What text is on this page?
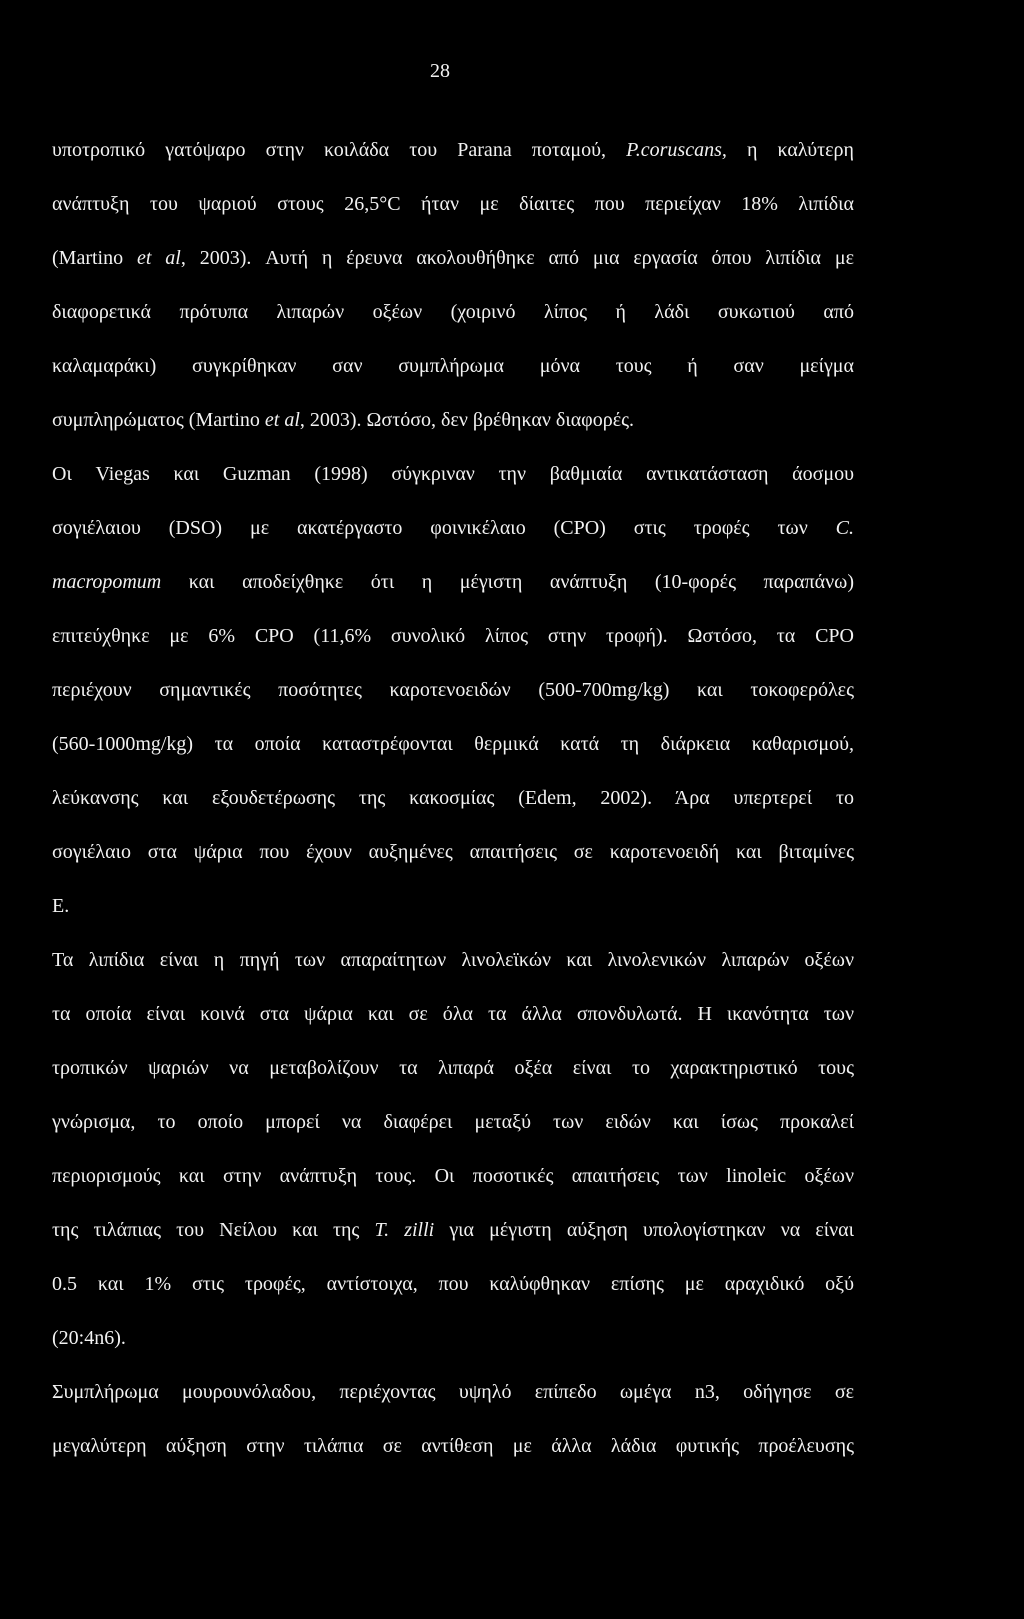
28
υποτροπικό γατόψαρο στην κοιλάδα του Parana ποταμού, P.coruscans, η καλύτερη
ανάπτυξη του ψαριού στους 26,5°C ήταν με δίαιτες που περιείχαν 18% λιπίδια
(Martino et al, 2003). Αυτή η έρευνα ακολουθήθηκε από μια εργασία όπου λιπίδια με
διαφορετικά πρότυπα λιπαρών οξέων (χοιρινό λίπος ή λάδι συκωτιού από
καλαμαράκι) συγκρίθηκαν σαν συμπλήρωμα μόνα τους ή σαν μείγμα
συμπληρώματος (Martino et al, 2003). Ωστόσο, δεν βρέθηκαν διαφορές.
Οι Viegas και Guzman (1998) σύγκριναν την βαθμιαία αντικατάσταση άοσμου
σογιέλαιου (DSO) με ακατέργαστο φοινικέλαιο (CPO) στις τροφές των C.
macropomum και αποδείχθηκε ότι η μέγιστη ανάπτυξη (10-φορές παραπάνω)
επιτεύχθηκε με 6% CPO (11,6% συνολικό λίπος στην τροφή). Ωστόσο, τα CPO
περιέχουν σημαντικές ποσότητες καροτενοειδών (500-700mg/kg) και τοκοφερόλες
(560-1000mg/kg) τα οποία καταστρέφονται θερμικά κατά τη διάρκεια καθαρισμού,
λεύκανσης και εξουδετέρωσης της κακοσμίας (Edem, 2002). Άρα υπερτερεί το
σογιέλαιο στα ψάρια που έχουν αυξημένες απαιτήσεις σε καροτενοειδή και βιταμίνες
Ε.
Τα λιπίδια είναι η πηγή των απαραίτητων λινολεϊκών και λινολενικών λιπαρών οξέων
τα οποία είναι κοινά στα ψάρια και σε όλα τα άλλα σπονδυλωτά. Η ικανότητα των
τροπικών ψαριών να μεταβολίζουν τα λιπαρά οξέα είναι το χαρακτηριστικό τους
γνώρισμα, το οποίο μπορεί να διαφέρει μεταξύ των ειδών και ίσως προκαλεί
περιορισμούς και στην ανάπτυξη τους. Οι ποσοτικές απαιτήσεις των linoleic οξέων
της τιλάπιας του Νείλου και της T. zilli για μέγιστη αύξηση υπολογίστηκαν να είναι
0.5 και 1% στις τροφές, αντίστοιχα, που καλύφθηκαν επίσης με αραχιδικό οξύ
(20:4n6).
Συμπλήρωμα μουρουνόλαδου, περιέχοντας υψηλό επίπεδο ωμέγα n3, οδήγησε σε
μεγαλύτερη αύξηση στην τιλάπια σε αντίθεση με άλλα λάδια φυτικής προέλευσης
